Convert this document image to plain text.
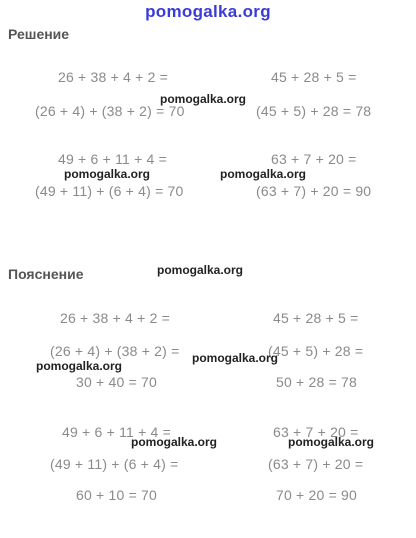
pomogalka.org
Решение
26 + 38 + 4 + 2 =
(26 + 4) + (38 + 2) = 70
45 + 28 + 5 =
(45 + 5) + 28 = 78
49 + 6 + 11 + 4 =
(49 + 11) + (6 + 4) = 70
63 + 7 + 20 =
(63 + 7) + 20 = 90
Пояснение
26 + 38 + 4 + 2 =
(26 + 4) + (38 + 2) =
30 + 40 = 70
45 + 28 + 5 =
(45 + 5) + 28 =
50 + 28 = 78
49 + 6 + 11 + 4 =
(49 + 11) + (6 + 4) =
60 + 10 = 70
63 + 7 + 20 =
(63 + 7) + 20 =
70 + 20 = 90
pomogalka.org
pomogalka.org	pomogalka.org
pomogalka.org
pomogalka.org
pomogalka.org
pomogalka.org	pomogalka.org
